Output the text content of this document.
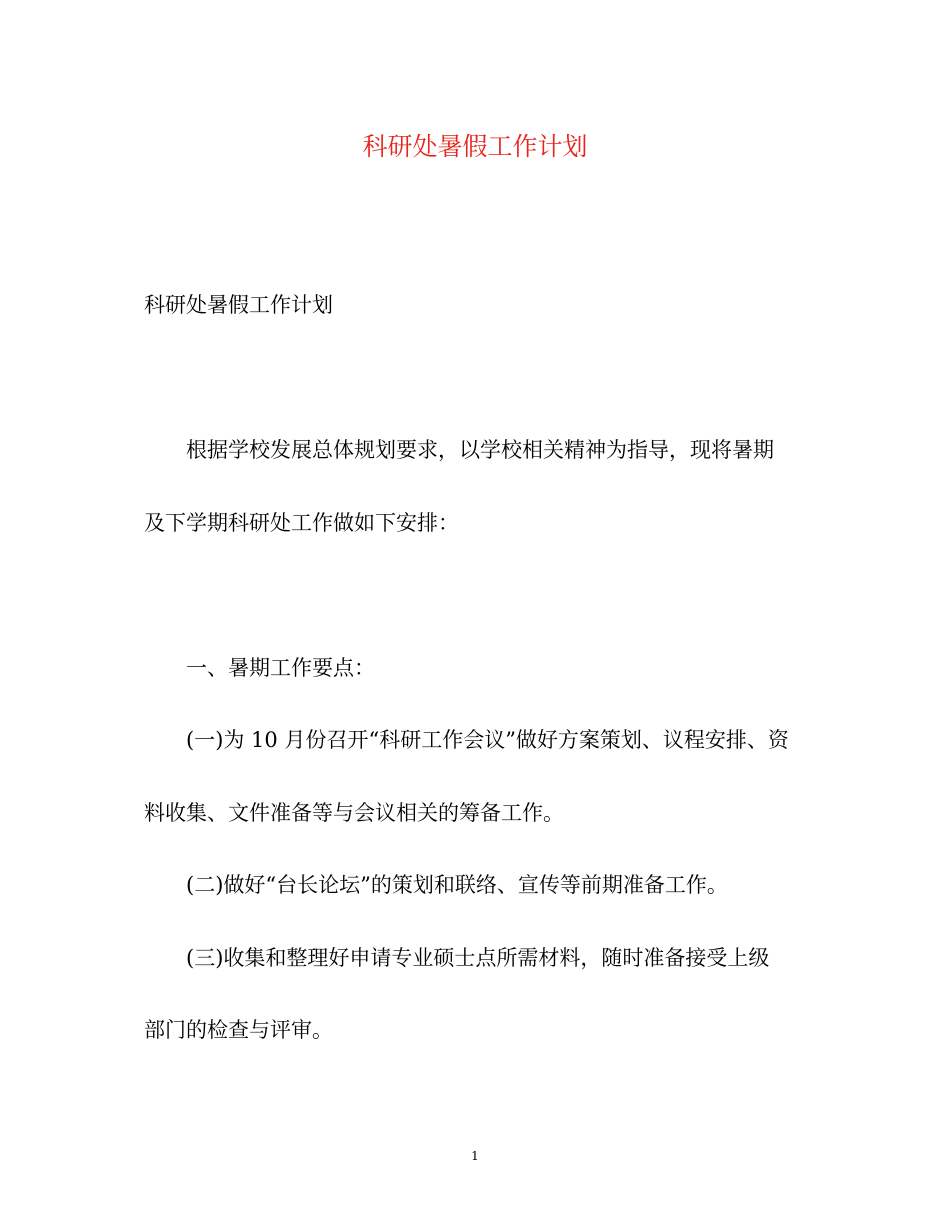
科研处暑假工作计划

科研处暑假工作计划

根据学校发展总体规划要求，以学校相关精神为指导，现将暑期

及下学期科研处工作做如下安排：

一、暑期工作要点：

(一)为 10 月份召开“科研工作会议”做好方案策划、议程安排、资

料收集、文件准备等与会议相关的筹备工作。

(二)做好“台长论坛”的策划和联络、宣传等前期准备工作。

(三)收集和整理好申请专业硕士点所需材料，随时准备接受上级

部门的检查与评审。

1
